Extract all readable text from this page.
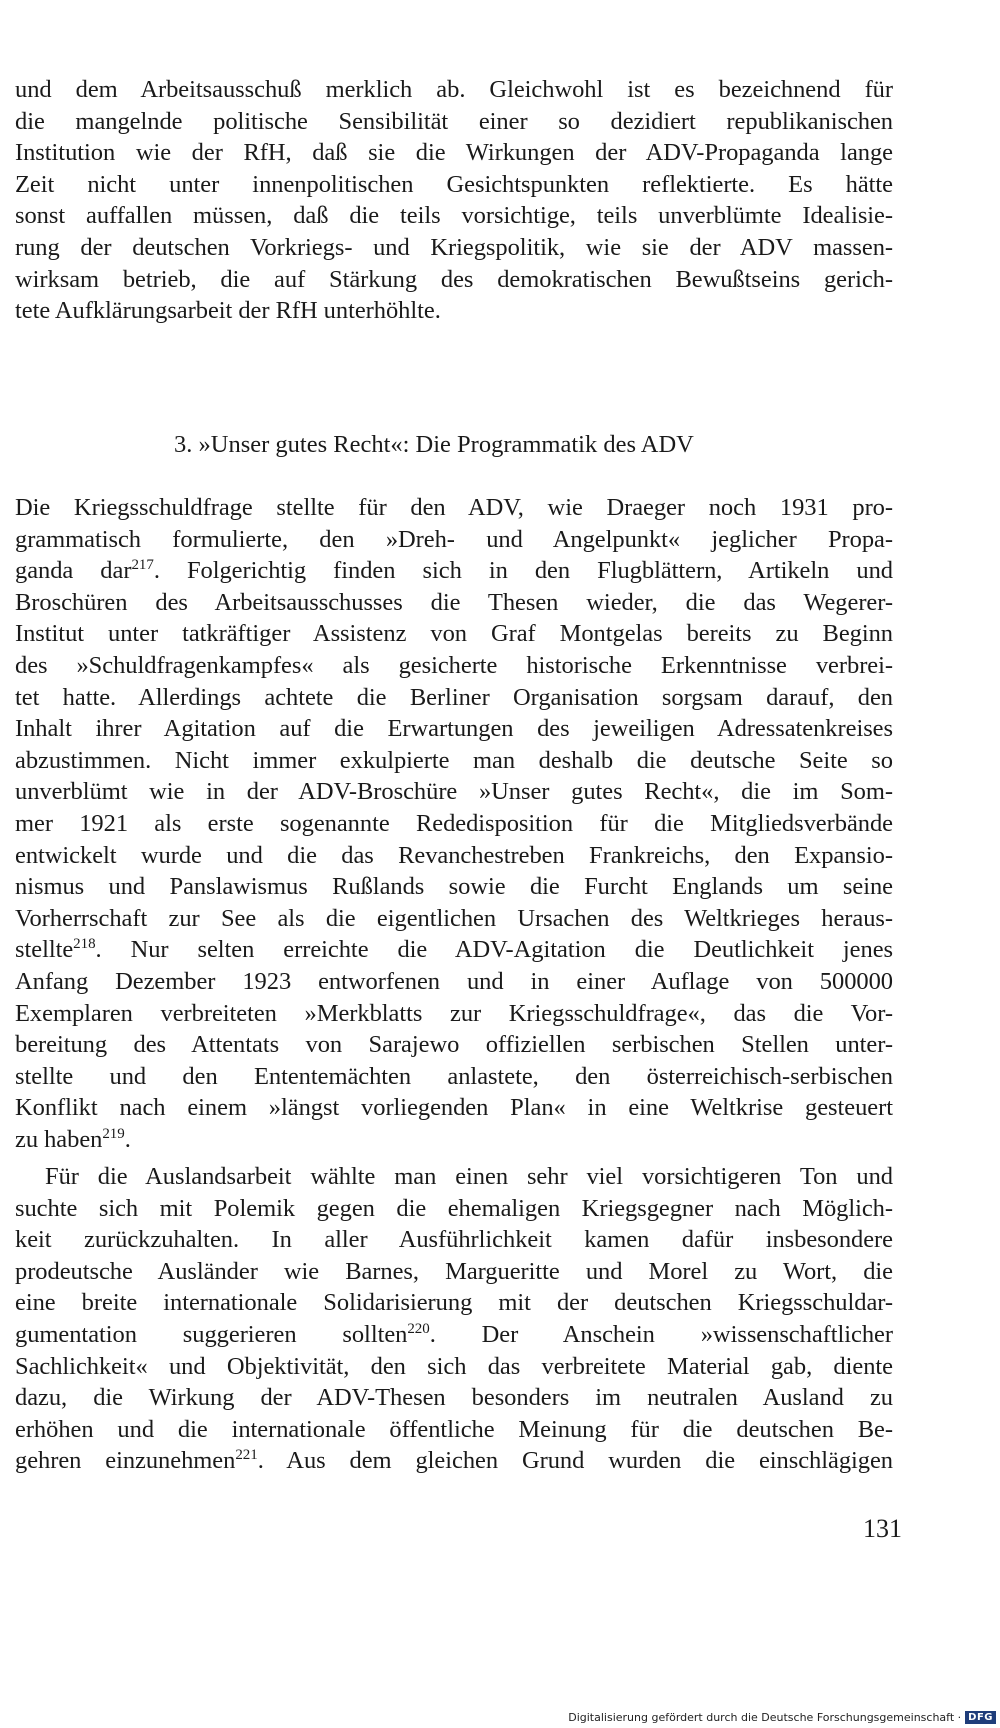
und dem Arbeitsausschuß merklich ab. Gleichwohl ist es bezeichnend für
die mangelnde politische Sensibilität einer so dezidiert republikanischen
Institution wie der RfH, daß sie die Wirkungen der ADV-Propaganda lange
Zeit nicht unter innenpolitischen Gesichtspunkten reflektierte. Es hätte
sonst auffallen müssen, daß die teils vorsichtige, teils unverblümte Idealisie-
rung der deutschen Vorkriegs- und Kriegspolitik, wie sie der ADV massen-
wirksam betrieb, die auf Stärkung des demokratischen Bewußtseins gerich-
tete Aufklärungsarbeit der RfH unterhöhlte.
3. »Unser gutes Recht«: Die Programmatik des ADV
Die Kriegsschuldfrage stellte für den ADV, wie Draeger noch 1931 pro-
grammatisch formulierte, den »Dreh- und Angelpunkt« jeglicher Propa-
ganda dar$^{217}$. Folgerichtig finden sich in den Flugblättern, Artikeln und
Broschüren des Arbeitsausschusses die Thesen wieder, die das Wegerer-
Institut unter tatkräftiger Assistenz von Graf Montgelas bereits zu Beginn
des »Schuldfragenkampfes« als gesicherte historische Erkenntnisse verbrei-
tet hatte. Allerdings achtete die Berliner Organisation sorgsam darauf, den
Inhalt ihrer Agitation auf die Erwartungen des jeweiligen Adressatenkreises
abzustimmen. Nicht immer exkulpierte man deshalb die deutsche Seite so
unverblümt wie in der ADV-Broschüre »Unser gutes Recht«, die im Som-
mer 1921 als erste sogenannte Rededisposition für die Mitgliedsverbände
entwickelt wurde und die das Revanchestreben Frankreichs, den Expansio-
nismus und Panslawismus Rußlands sowie die Furcht Englands um seine
Vorherrschaft zur See als die eigentlichen Ursachen des Weltkrieges heraus-
stellte$^{218}$. Nur selten erreichte die ADV-Agitation die Deutlichkeit jenes
Anfang Dezember 1923 entworfenen und in einer Auflage von 500000
Exemplaren verbreiteten »Merkblatts zur Kriegsschuldfrage«, das die Vor-
bereitung des Attentats von Sarajewo offiziellen serbischen Stellen unter-
stellte und den Ententemächten anlastete, den österreichisch-serbischen
Konflikt nach einem »längst vorliegenden Plan« in eine Weltkrise gesteuert
zu haben$^{219}$.
Für die Auslandsarbeit wählte man einen sehr viel vorsichtigeren Ton und
suchte sich mit Polemik gegen die ehemaligen Kriegsgegner nach Möglich-
keit zurückzuhalten. In aller Ausführlichkeit kamen dafür insbesondere
prodeutsche Ausländer wie Barnes, Margueritte und Morel zu Wort, die
eine breite internationale Solidarisierung mit der deutschen Kriegsschuldar-
gumentation suggerieren sollten$^{220}$. Der Anschein »wissenschaftlicher
Sachlichkeit« und Objektivität, den sich das verbreitete Material gab, diente
dazu, die Wirkung der ADV-Thesen besonders im neutralen Ausland zu
erhöhen und die internationale öffentliche Meinung für die deutschen Be-
gehren einzunehmen$^{221}$. Aus dem gleichen Grund wurden die einschlägigen
131
Digitalisierung gefördert durch die Deutsche Forschungsgemeinschaft · DFG
